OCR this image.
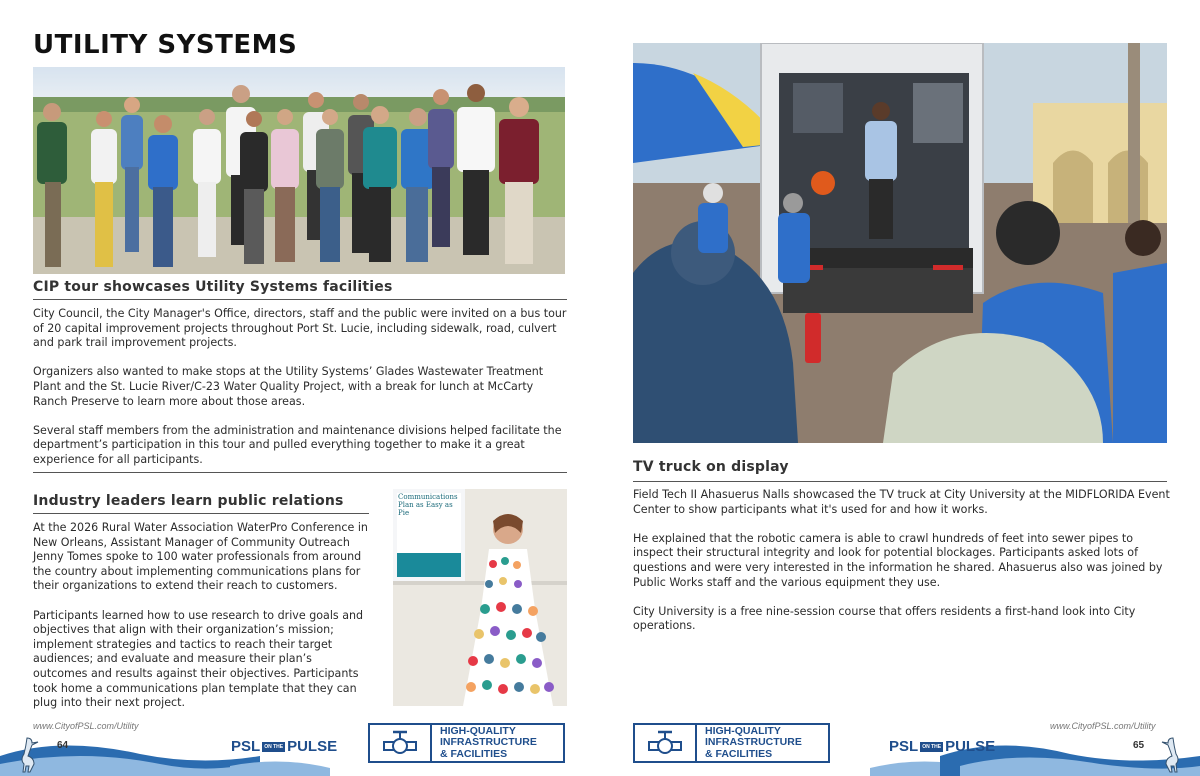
UTILITY SYSTEMS
CIP tour showcases Utility Systems facilities

City Council, the City Manager's Office, directors, staff and the public were invited on a bus tour of 20 capital improvement projects throughout Port St. Lucie, including sidewalk, road, culvert and park trail improvement projects.

Organizers also wanted to make stops at the Utility Systems’ Glades Wastewater Treatment Plant and the St. Lucie River/C-23 Water Quality Project, with a break for lunch at McCarty Ranch Preserve to learn more about those areas.

Several staff members from the administration and maintenance divisions helped facilitate the department’s participation in this tour and pulled everything together to make it a great experience for all participants.

Industry leaders learn public relations

At the 2026 Rural Water Association WaterPro Conference in New Orleans, Assistant Manager of Community Outreach Jenny Tomes spoke to 100 water professionals from around the country about implementing communications plans for their organizations to extend their reach to customers.

Participants learned how to use research to drive goals and objectives that align with their organization’s mission; implement strategies and tactics to reach their target audiences; and evaluate and measure their plan’s outcomes and results against their objectives. Participants took home a communications plan template that they can plug into their next project.

Communications Plan as Easy as Pie
www.CityofPSL.com/Utility
64	PSL ON THE PULSE
HIGH-QUALITY
INFRASTRUCTURE
& FACILITIES
TV truck on display

Field Tech II Ahasuerus Nalls showcased the TV truck at City University at the MIDFLORIDA Event Center to show participants what it's used for and how it works.

He explained that the robotic camera is able to crawl hundreds of feet into sewer pipes to inspect their structural integrity and look for potential blockages. Participants asked lots of questions and were very interested in the information he shared. Ahasuerus also was joined by Public Works staff and the various equipment they use.

City University is a free nine-session course that offers residents a first-hand look into City operations.

www.CityofPSL.com/Utility
HIGH-QUALITY
INFRASTRUCTURE
& FACILITIES	PSL ON THE PULSE	65
